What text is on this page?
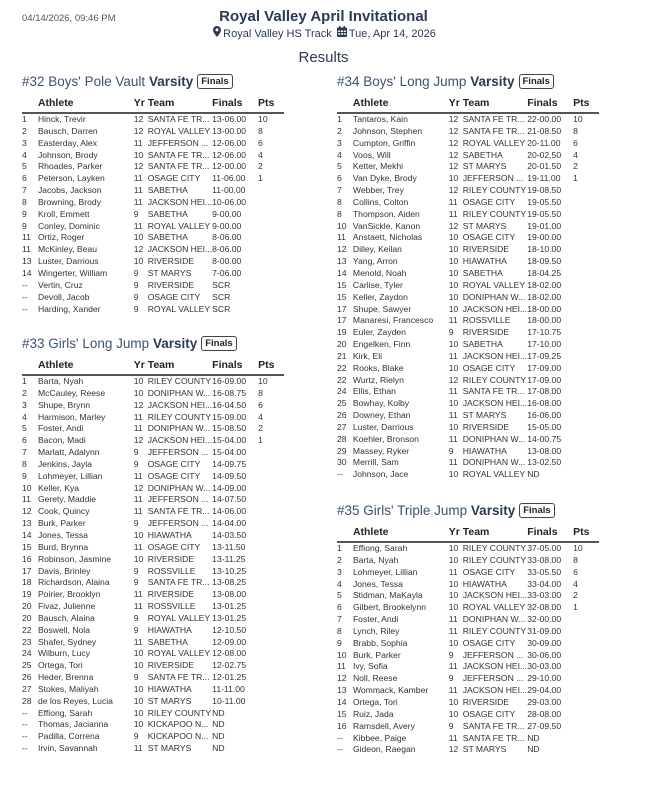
04/14/2026, 09:46 PM	Royal Valley April Invitational
Royal Valley HS Track Tue, Apr 14, 2026
Results
#32 Boys' Pole Vault Varsity Finals
	Athlete	Yr	Team	Finals	Pts
1	Hinck, Trevir	12	SANTA FE TR...	13-06.00	10
2	Bausch, Darren	12	ROYAL VALLEY	13-00.00	8
3	Easterday, Alex	11	JEFFERSON ...	12-06.00	6
4	Johnson, Brody	10	SANTA FE TR...	12-06.00	4
5	Rhoades, Parker	12	SANTA FE TR...	12-00.00	2
6	Peterson, Layken	11	OSAGE CITY	11-06.00	1
7	Jacobs, Jackson	11	SABETHA	11-00.00	
8	Browning, Brody	11	JACKSON HEI...	10-06.00	
9	Kroll, Emmett	9	SABETHA	9-00.00	
9	Conley, Dominic	11	ROYAL VALLEY	9-00.00	
11	Ortiz, Roger	10	SABETHA	8-06.00	
11	McKinley, Beau	12	JACKSON HEI...	8-06.00	
13	Luster, Darrious	10	RIVERSIDE	8-00.00	
14	Wingerter, William	9	ST MARYS	7-06.00	
--	Vertin, Cruz	9	RIVERSIDE	SCR	
--	Devoll, Jacob	9	OSAGE CITY	SCR	
--	Harding, Xander	9	ROYAL VALLEY	SCR	
#33 Girls' Long Jump Varsity Finals
	Athlete	Yr	Team	Finals	Pts
1	Barta, Nyah	10	RILEY COUNTY	16-09.00	10
2	McCauley, Reese	10	DONIPHAN W...	16-08.75	8
3	Shupe, Brynn	12	JACKSON HEI...	16-04.50	6
4	Harmison, Marley	11	RILEY COUNTY	15-09.00	4
5	Foster, Andi	11	DONIPHAN W...	15-08.50	2
6	Bacon, Madi	12	JACKSON HEI...	15-04.00	1
7	Marlatt, Adalynn	9	JEFFERSON ...	15-04.00	
8	Jenkins, Jayla	9	OSAGE CITY	14-09.75	
9	Lohmeyer, Lillian	11	OSAGE CITY	14-09.50	
10	Keller, Kya	12	DONIPHAN W...	14-09.00	
11	Gerety, Maddie	11	JEFFERSON ...	14-07.50	
12	Cook, Quincy	11	SANTA FE TR...	14-06.00	
13	Burk, Parker	9	JEFFERSON ...	14-04.00	
14	Jones, Tessa	10	HIAWATHA	14-03.50	
15	Burd, Brynna	11	OSAGE CITY	13-11.50	
16	Robinson, Jasmine	10	RIVERSIDE	13-11.25	
17	Davis, Brinley	9	ROSSVILLE	13-10.25	
18	Richardson, Alaina	9	SANTA FE TR...	13-08.25	
19	Poirier, Brooklyn	11	RIVERSIDE	13-08.00	
20	Fivaz, Julienne	11	ROSSVILLE	13-01.25	
20	Bausch, Alaina	9	ROYAL VALLEY	13-01.25	
22	Boswell, Nola	9	HIAWATHA	12-10.50	
23	Shafer, Sydney	11	SABETHA	12-09.00	
24	Wilburn, Lucy	10	ROYAL VALLEY	12-08.00	
25	Ortega, Tori	10	RIVERSIDE	12-02.75	
26	Heder, Brenna	9	SANTA FE TR...	12-01.25	
27	Stokes, Maliyah	10	HIAWATHA	11-11.00	
28	de los Reyes, Lucia	10	ST MARYS	10-11.00	
--	Effiong, Sarah	10	RILEY COUNTY	ND	
--	Thomas, Jacianna	10	KICKAPOO N...	ND	
--	Padilla, Correna	9	KICKAPOO N...	ND	
--	Irvin, Savannah	11	ST MARYS	ND	
#34 Boys' Long Jump Varsity Finals
	Athlete	Yr	Team	Finals	Pts
1	Tantaros, Kain	12	SANTA FE TR...	22-00.00	10
2	Johnson, Stephen	12	SANTA FE TR...	21-08.50	8
3	Cumpton, Griffin	12	ROYAL VALLEY	20-11.00	6
4	Voos, Will	12	SABETHA	20-02.50	4
5	Ketter, Mekhi	12	ST MARYS	20-01.50	2
6	Van Dyke, Brody	10	JEFFERSON ...	19-11.00	1
7	Webber, Trey	12	RILEY COUNTY	19-08.50	
8	Collins, Colton	11	OSAGE CITY	19-05.50	
8	Thompson, Aiden	11	RILEY COUNTY	19-05.50	
10	VanSickle, Kanon	12	ST MARYS	19-01.00	
11	Anstaett, Nicholas	10	OSAGE CITY	19-00.00	
12	Dilley, Keilan	10	RIVERSIDE	18-10.00	
13	Yang, Arron	10	HIAWATHA	18-09.50	
14	Menold, Noah	10	SABETHA	18-04.25	
15	Carlise, Tyler	10	ROYAL VALLEY	18-02.00	
15	Keller, Zaydon	10	DONIPHAN W...	18-02.00	
17	Shupe, Sawyer	10	JACKSON HEI...	18-00.00	
17	Manaresi, Francesco	11	ROSSVILLE	18-00.00	
19	Euler, Zayden	9	RIVERSIDE	17-10.75	
20	Engelken, Finn	10	SABETHA	17-10.00	
21	Kirk, Eli	11	JACKSON HEI...	17-09.25	
22	Rooks, Blake	10	OSAGE CITY	17-09.00	
22	Wurtz, Rielyn	12	RILEY COUNTY	17-09.00	
24	Ellis, Ethan	11	SANTA FE TR...	17-08.00	
25	Bowhay, Kolby	10	JACKSON HEI...	16-08.00	
26	Downey, Ethan	11	ST MARYS	16-06.00	
27	Luster, Darrious	10	RIVERSIDE	15-05.00	
28	Koehler, Bronson	11	DONIPHAN W...	14-00.75	
29	Massey, Ryker	9	HIAWATHA	13-08.00	
30	Merrill, Sam	11	DONIPHAN W...	13-02.50	
--	Johnson, Jace	10	ROYAL VALLEY	ND	
#35 Girls' Triple Jump Varsity Finals
	Athlete	Yr	Team	Finals	Pts
1	Effiong, Sarah	10	RILEY COUNTY	37-05.00	10
2	Barta, Nyah	10	RILEY COUNTY	33-08.00	8
3	Lohmeyer, Lillian	11	OSAGE CITY	33-05.50	6
4	Jones, Tessa	10	HIAWATHA	33-04.00	4
5	Stidman, MaKayla	10	JACKSON HEI...	33-03.00	2
6	Gilbert, Brookelynn	10	ROYAL VALLEY	32-08.00	1
7	Foster, Andi	11	DONIPHAN W...	32-00.00	
8	Lynch, Riley	11	RILEY COUNTY	31-09.00	
9	Brabb, Sophia	10	OSAGE CITY	30-09.00	
10	Burk, Parker	9	JEFFERSON ...	30-06.00	
11	Ivy, Sofia	11	JACKSON HEI...	30-03.00	
12	Noll, Reese	9	JEFFERSON ...	29-10.00	
13	Wommack, Kamber	11	JACKSON HEI...	29-04.00	
14	Ortega, Tori	10	RIVERSIDE	29-03.00	
15	Ruiz, Jada	10	OSAGE CITY	28-08.00	
16	Ramsdell, Avery	9	SANTA FE TR...	27-09.50	
--	Kibbee, Paige	11	SANTA FE TR...	ND	
--	Gideon, Raegan	12	ST MARYS	ND	
